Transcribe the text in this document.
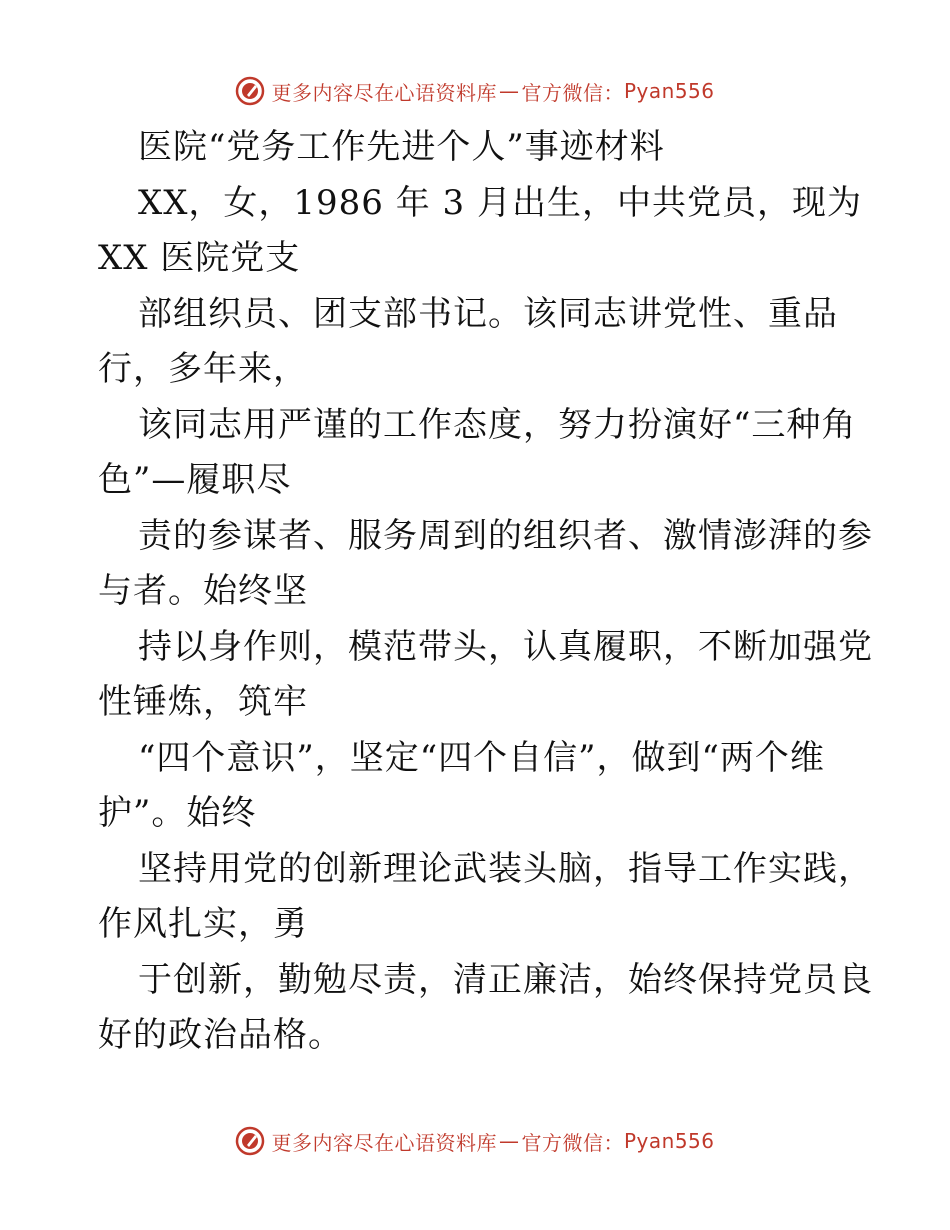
更多内容尽在心语资料库 — 官方微信： Pyan556
医院“党务工作先进个人”事迹材料
XX，女，1986 年 3 月出生，中共党员，现为
XX 医院党支
部组织员、团支部书记。该同志讲党性、重品
行，多年来，
该同志用严谨的工作态度，努力扮演好“三种角
色”—履职尽
责的参谋者、服务周到的组织者、激情澎湃的参
与者。始终坚
持以身作则，模范带头，认真履职，不断加强党
性锤炼，筑牢
“四个意识”，坚定“四个自信”，做到“两个维
护”。始终
坚持用党的创新理论武装头脑，指导工作实践，
作风扎实，勇
于创新，勤勉尽责，清正廉洁，始终保持党员良
好的政治品格。
更多内容尽在心语资料库 — 官方微信： Pyan556
